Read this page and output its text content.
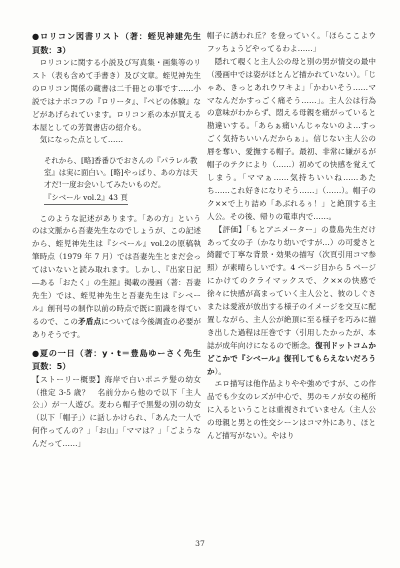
●ロリコン図書リスト（著：蛭児神建先生　頁数：3）

ロリコンに関する小説及び写真集・画集等のリスト（表も含めて手書き）及び文章。蛭児神先生のロリコン関係の蔵書は二千冊との事です……小説ではナボコフの『ロリータ』、『ペピの体験』などがあげられています。ロリコン系の本が買える本屋としての芳賀書店の紹介も。

気になった点として……

それから、[略]香番ひでおさんの『パラレル教室』は実に面白い。[略]やっぱり、あの方は天才だ!一度お会いしてみたいものだ。
『シベール vol.2』43 頁

このような記述があります。「あの方」というのは文脈から吾妻先生なのでしょうが、この記述から、蛭児神先生は『シベール』vol.2の原稿執筆時点（1979 年 7 月）では吾妻先生とまだ会ってはいないと読み取れます。しかし、『出家日記―ある「おたく」の生涯』掲載の漫画（著：吾妻先生）では、蛭児神先生と吾妻先生は『シベール』創刊号の制作以前の時点で既に面識を得ているので、この矛盾点については今後調査の必要がありそうです。

●夏の一日（著：y・t＝豊島ゆーさく先生　頁数：5）

【ストーリー概要】海岸で白いポニテ髪の幼女（推定 3-5 歳？　名前分から他ので以下「主人公」）が一人遊び。麦わら帽子で黒髪の別の幼女（以下「帽子」）に話しかけられ、「あんた一人で何作ってんの？」「お山」「ママは？」「ごようなんだって……」

帽子に誘われ丘？を登っていく。「ほらここよウフッちょうどやってるわよ……」

隠れて覗くと主人公の母と別の男が情交の最中（漫画中では姿がほとんど描かれていない）。「じゃあ、きっとあれウワキよ」「かわいそう……ママなんだかすっごく痛そう……」。主人公は行為の意味がわからず、悶える母親を痛がっていると勘違いする。「あらぁ痛いんじゃないのよ…すっごく気持ちいいんだからぁ」。信じない主人公の唇を奪い、愛撫する帽子。最初、非常に嫌がるが帽子のテクにより（……）初めての快感を覚えてしまう。「ママぁ……気持ちいいね……あたち……これ好きになりそう……」（……）。帽子のク××で上り詰め「あぶれるぅ！」と絶頂する主人公。その後、帰りの電車内で……。

【評価】「もとアニメーター」の豊島先生だけあって女の子（かなり幼いですが…）の可愛さと綺麗で丁寧な背景・効果の描写（次頁引用コマ参照）が素晴らしいです。4 ページ目から 5 ページにかけてのクライマックスで、ク××の快感で徐々に快感が高まっていく主人公と、彼のしぐさまたは愛液が放出する様子のイメージを交互に配置しながら、主人公が絶頂に至る様子を巧みに描き出した過程は圧巻です（引用したかったが、本誌が成年向けになるので断念。復刊ドットコムかどこかで『シベール』復刊してもらえないだろうか）。

エロ描写は他作品よりやや強めですが、この作品でも少女のレズが中心で、男のモノが女の秘所に入るということは重視されていません（主人公の母親と男との性交シーンはコマ外にあり、ほとんど描写がない）。やはり

37
